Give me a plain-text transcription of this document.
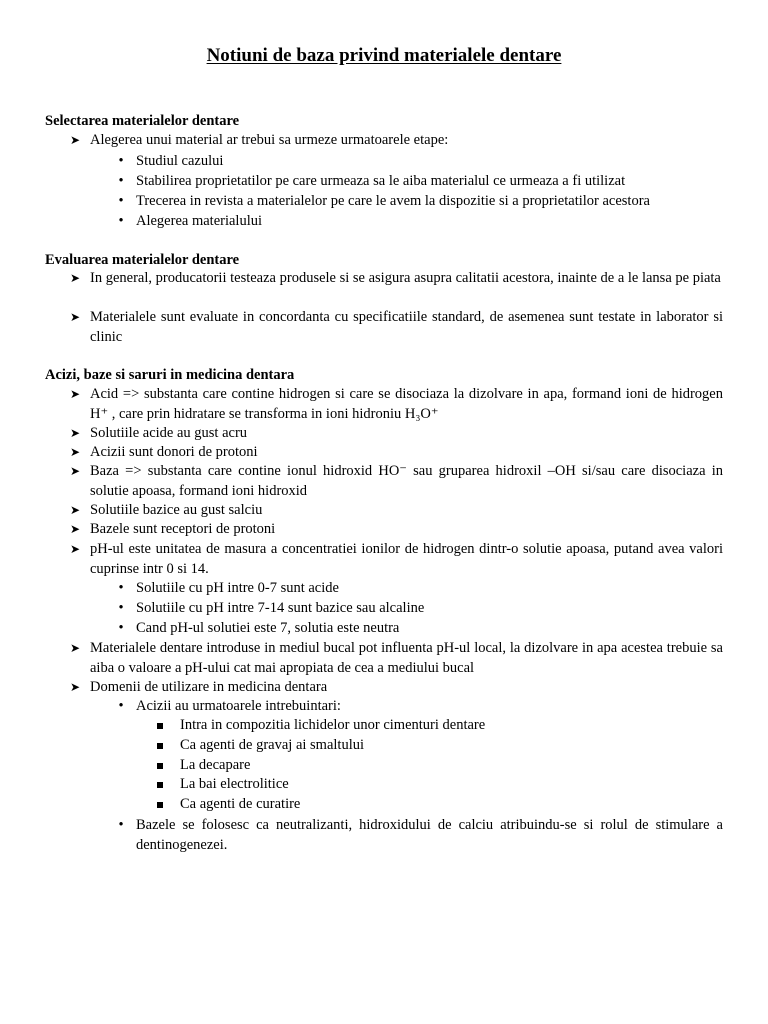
Notiuni de baza privind materialele dentare
Selectarea materialelor dentare
➤ Alegerea unui material ar trebui sa urmeze urmatoarele etape:
• Studiul cazului
• Stabilirea proprietatilor pe care urmeaza sa le aiba materialul ce urmeaza a fi utilizat
• Trecerea in revista a materialelor pe care le avem la dispozitie si a proprietatilor acestora
• Alegerea materialului
Evaluarea materialelor dentare
➤ In general, producatorii testeaza produsele si se asigura asupra calitatii acestora, inainte de a le lansa pe piata
➤ Materialele sunt evaluate in concordanta cu specificatiile standard, de asemenea sunt testate in laborator si clinic
Acizi, baze si saruri in medicina dentara
➤ Acid => substanta care contine hidrogen si care se disociaza la dizolvare in apa, formand ioni de hidrogen H⁺ , care prin hidratare se transforma in ioni hidroniu H₃O⁺
➤ Solutiile acide au gust acru
➤ Acizii sunt donori de protoni
➤ Baza => substanta care contine ionul hidroxid HO⁻ sau gruparea hidroxil –OH si/sau care disociaza in solutie apoasa, formand ioni hidroxid
➤ Solutiile bazice au gust salciu
➤ Bazele sunt receptori de protoni
➤ pH-ul este unitatea de masura a concentratiei ionilor de hidrogen dintr-o solutie apoasa, putand avea valori cuprinse intr 0 si 14.
• Solutiile cu pH intre 0-7 sunt acide
• Solutiile cu pH intre 7-14 sunt bazice sau alcaline
• Cand pH-ul solutiei este 7, solutia este neutra
➤ Materialele dentare introduse in mediul bucal pot influenta pH-ul local, la dizolvare in apa acestea trebuie sa aiba o valoare a pH-ului cat mai apropiata de cea a mediului bucal
➤ Domenii de utilizare in medicina dentara
• Acizii au urmatoarele intrebuintari:
Intra in compozitia lichidelor unor cimenturi dentare
Ca agenti de gravaj ai smaltului
La decapare
La bai electrolitice
Ca agenti de curatire
• Bazele se folosesc ca neutralizanti, hidroxidului de calciu atribuindu-se si rolul de stimulare a dentinogenezei.
